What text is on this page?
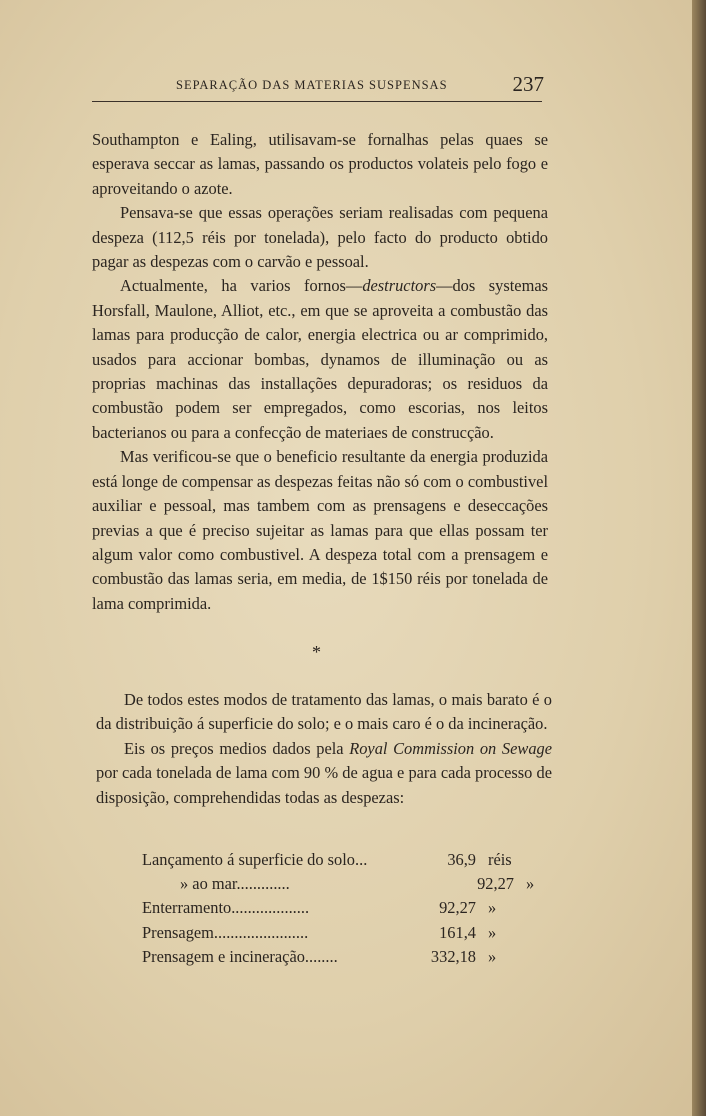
SEPARAÇÃO DAS MATERIAS SUSPENSAS	237

Southampton e Ealing, utilisavam-se fornalhas pelas quaes se esperava seccar as lamas, passando os productos volateis pelo fogo e aproveitando o azote.

Pensava-se que essas operações seriam realisadas com pequena despeza (112,5 réis por tonelada), pelo facto do producto obtido pagar as despezas com o carvão e pessoal.

Actualmente, ha varios fornos—destructors—dos systemas Horsfall, Maulone, Alliot, etc., em que se aproveita a combustão das lamas para producção de calor, energia electrica ou ar comprimido, usados para accionar bombas, dynamos de illuminação ou as proprias machinas das installações depuradoras; os residuos da combustão podem ser empregados, como escorias, nos leitos bacterianos ou para a confecção de materiaes de construcção.

Mas verificou-se que o beneficio resultante da energia produzida está longe de compensar as despezas feitas não só com o combustivel auxiliar e pessoal, mas tambem com as prensagens e deseccações previas a que é preciso sujeitar as lamas para que ellas possam ter algum valor como combustivel. A despeza total com a prensagem e combustão das lamas seria, em media, de 1$150 réis por tonelada de lama comprimida.

*

De todos estes modos de tratamento das lamas, o mais barato é o da distribuição á superficie do solo; e o mais caro é o da incineração.

Eis os preços medios dados pela Royal Commission on Sewage por cada tonelada de lama com 90 % de agua e para cada processo de disposição, comprehendidas todas as despezas:

Lançamento á superficie do solo...	36,9 réis
» ao mar.............	92,27 »
Enterramento...................	92,27 »
Prensagem.......................	161,4 »
Prensagem e incineração........	332,18 »
